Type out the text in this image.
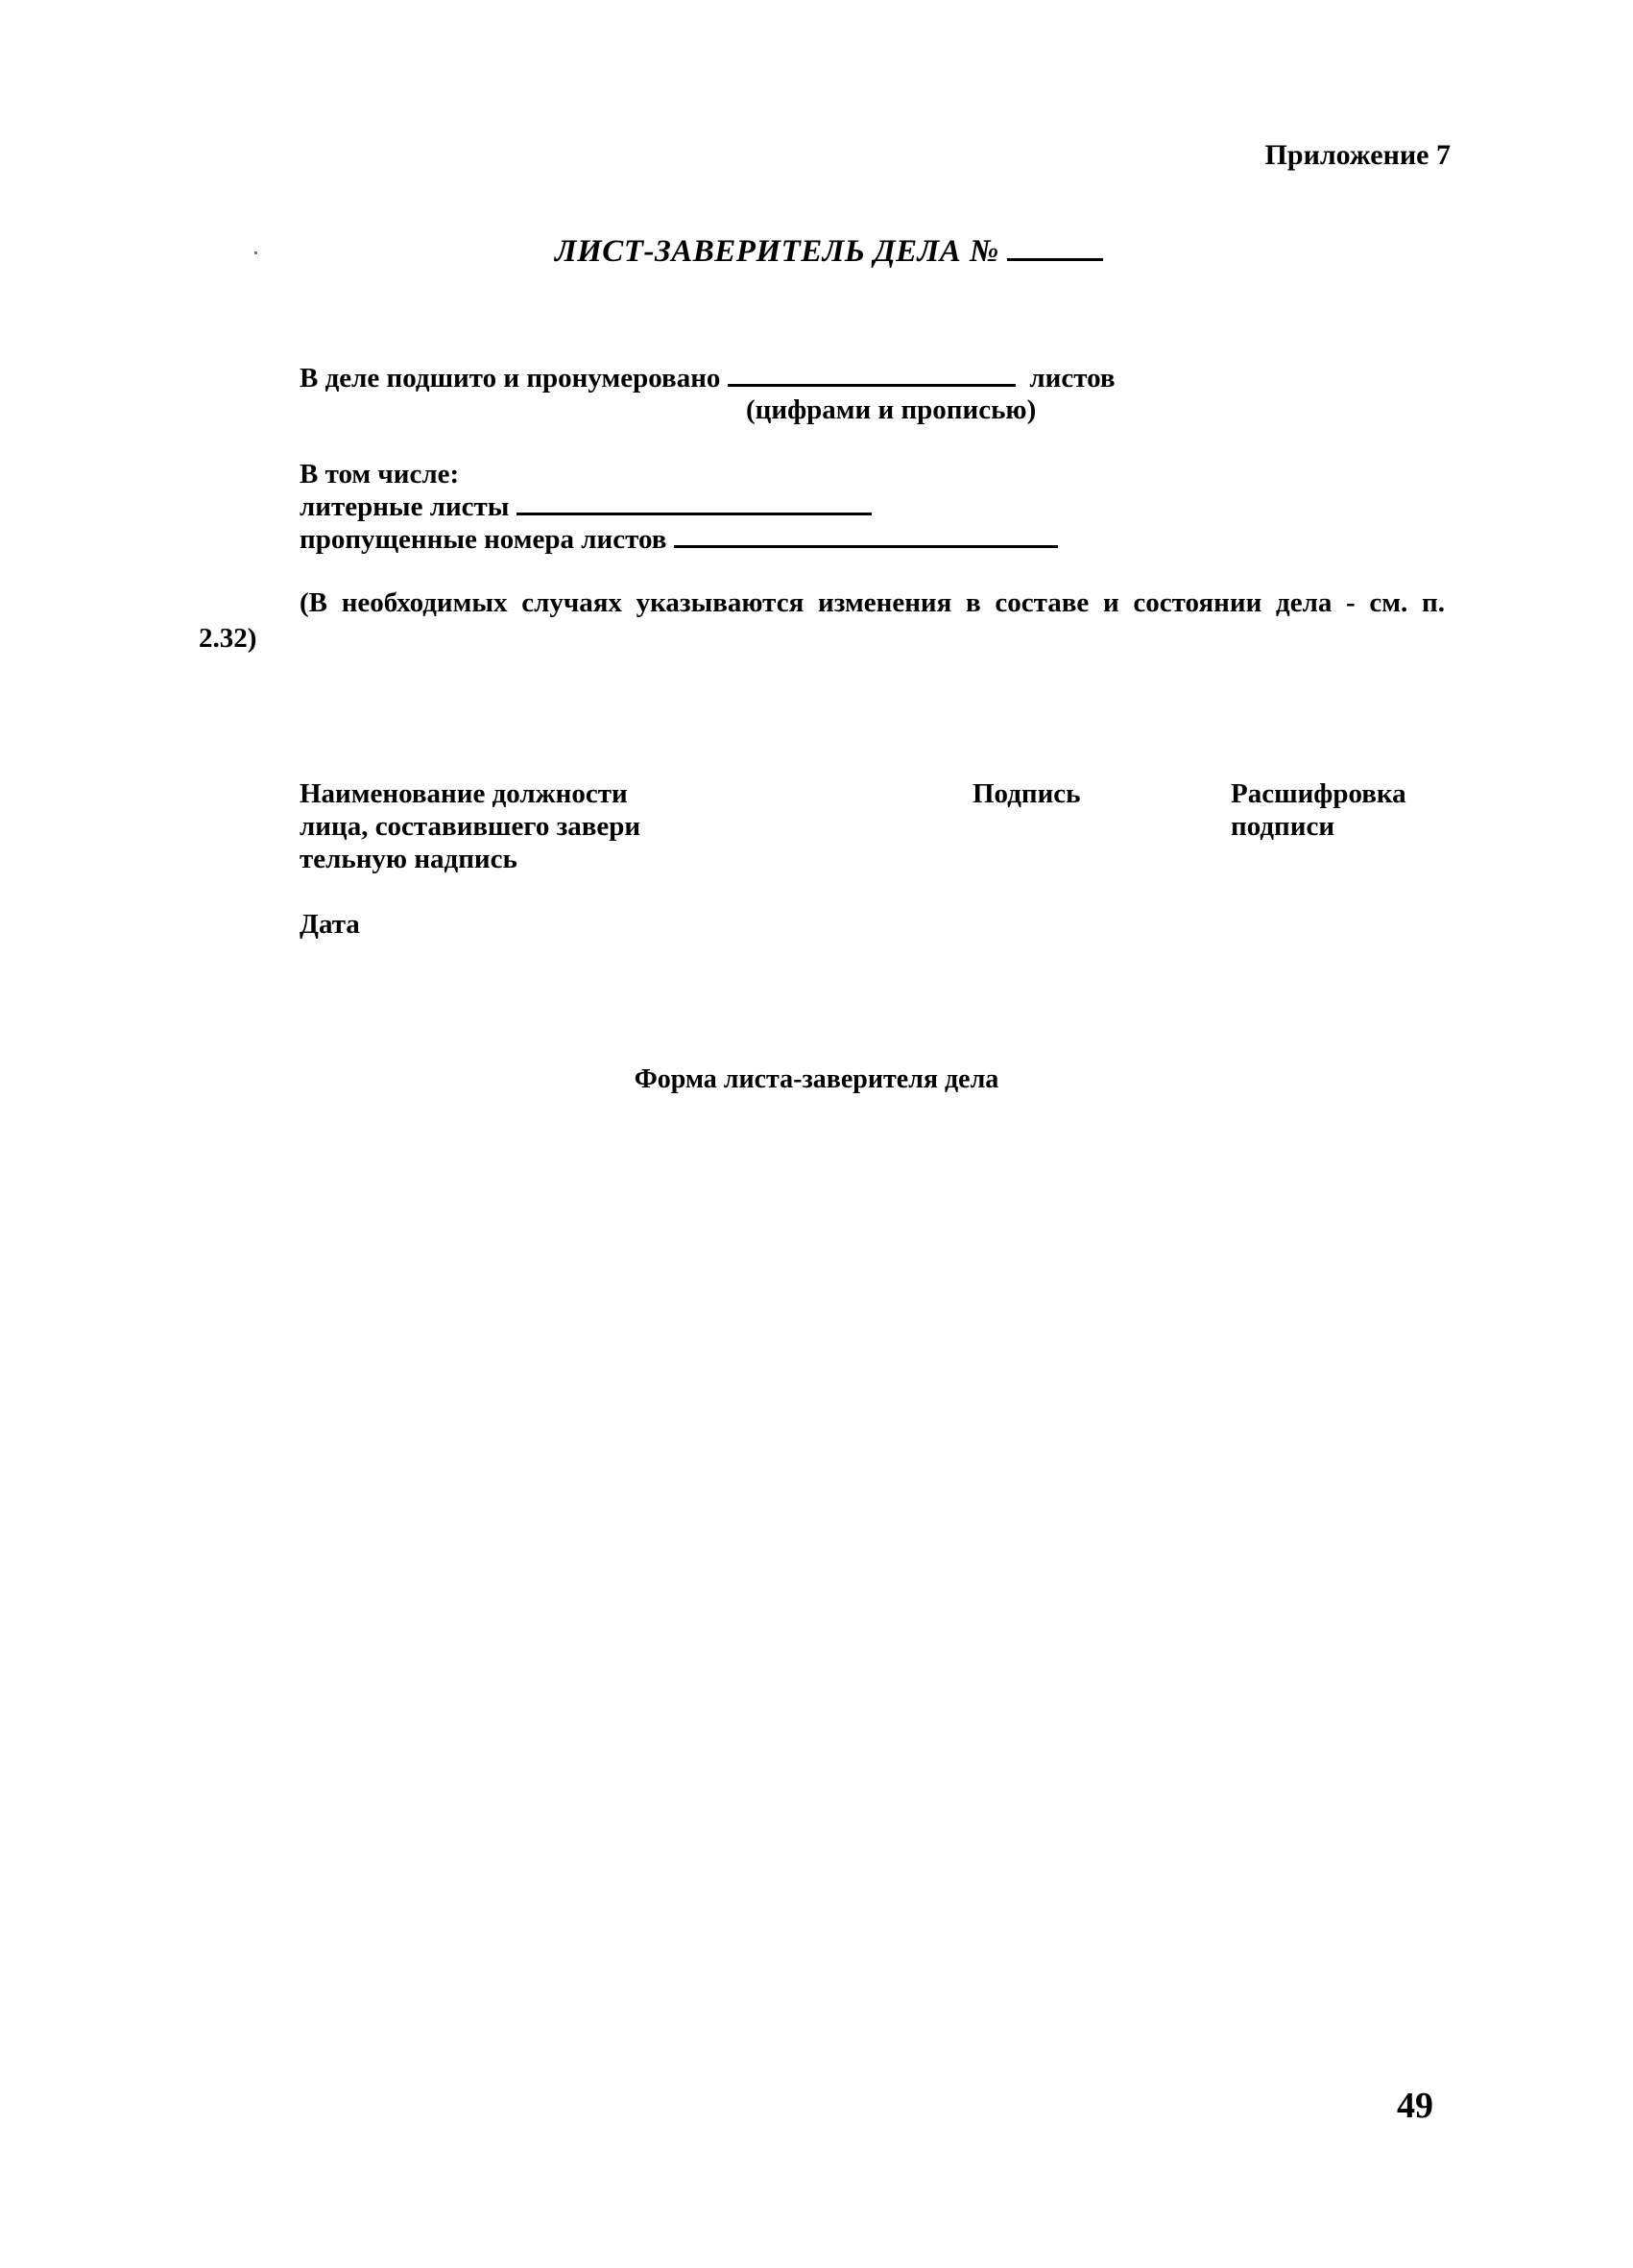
Приложение 7
ЛИСТ-ЗАВЕРИТЕЛЬ ДЕЛА №
В деле подшито и пронумеровано	листов
(цифрами и прописью)
В том числе:
литерные листы
пропущенные номера листов
(В необходимых случаях указываются изменения в составе и состоянии дела - см. п.
2.32)
Наименование должности
лица, составившего завери
тельную надпись
Подпись	Расшифровка
подписи
Дата
Форма листа-заверителя дела
49
